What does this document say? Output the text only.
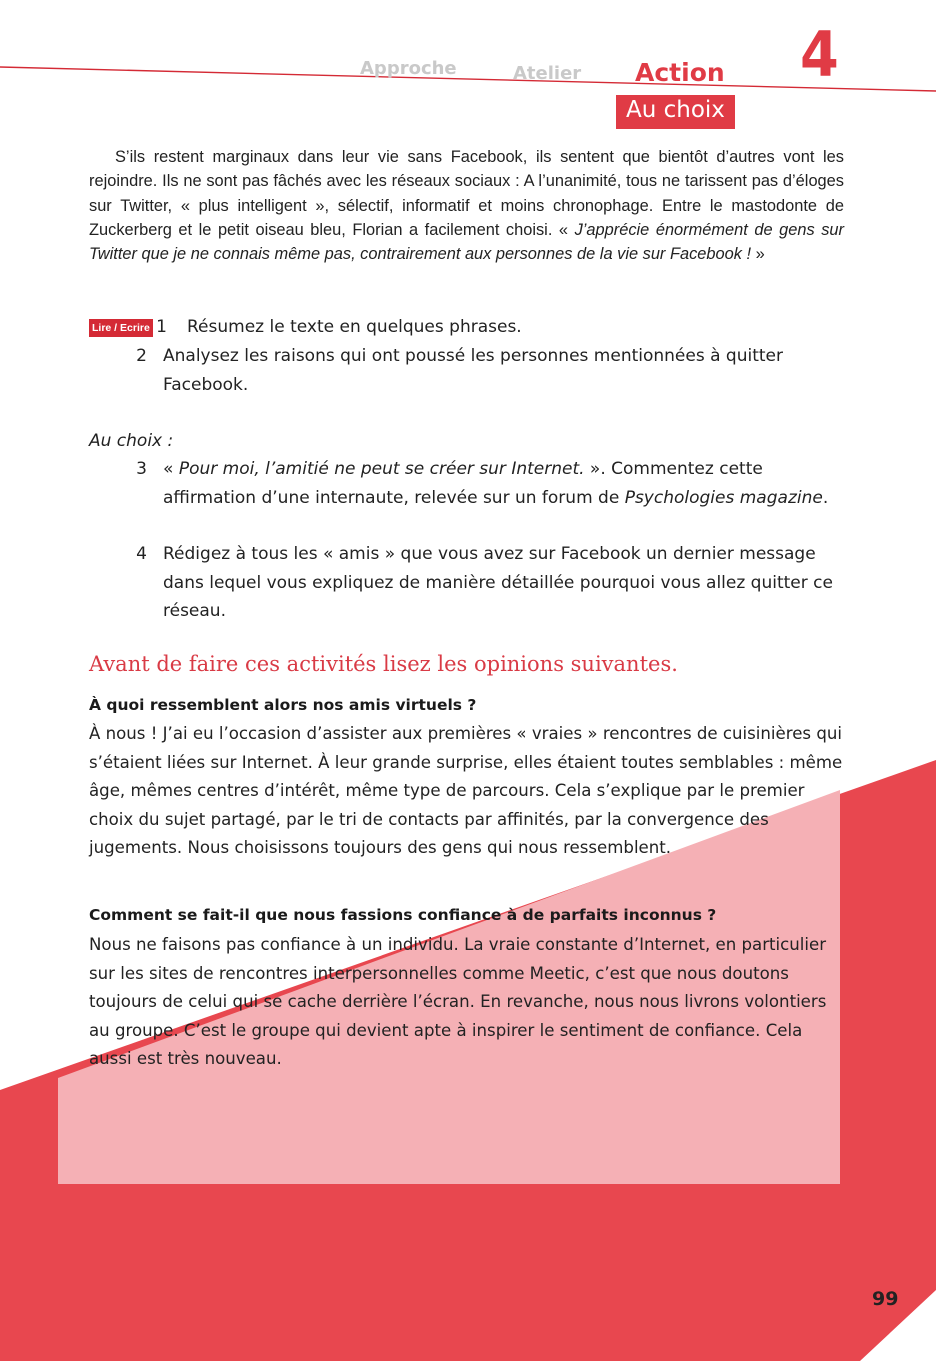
Approche	Atelier Action 4
Au choix
S’ils restent marginaux dans leur vie sans Facebook, ils sentent que bientôt d’autres vont les rejoindre. Ils ne sont pas fâchés avec les réseaux sociaux : A l’unanimité, tous ne tarissent pas d’éloges sur Twitter, « plus intelligent », sélectif, informatif et moins chronophage. Entre le mastodonte de Zuckerberg et le petit oiseau bleu, Florian a facilement choisi. « J’apprécie énormément de gens sur Twitter que je ne connais même pas, contrairement aux personnes de la vie sur Facebook ! »
Lire / Ecrire 1 Résumez le texte en quelques phrases.
2 Analysez les raisons qui ont poussé les personnes mentionnées à quitter Facebook.
Au choix :
3 « Pour moi, l’amitié ne peut se créer sur Internet. ». Commentez cette affirmation d’une internaute, relevée sur un forum de Psychologies magazine.
4 Rédigez à tous les « amis » que vous avez sur Facebook un dernier message dans lequel vous expliquez de manière détaillée pourquoi vous allez quitter ce réseau.
Avant de faire ces activités lisez les opinions suivantes.
À quoi ressemblent alors nos amis virtuels ?
À nous ! J’ai eu l’occasion d’assister aux premières « vraies » rencontres de cuisinières qui s’étaient liées sur Internet. À leur grande surprise, elles étaient toutes semblables : même âge, mêmes centres d’intérêt, même type de parcours. Cela s’explique par le premier choix du sujet partagé, par le tri de contacts par affinités, par la convergence des jugements. Nous choisissons toujours des gens qui nous ressemblent.
Comment se fait-il que nous fassions confiance à de parfaits inconnus ?
Nous ne faisons pas confiance à un individu. La vraie constante d’Internet, en particulier sur les sites de rencontres interpersonnelles comme Meetic, c’est que nous doutons toujours de celui qui se cache derrière l’écran. En revanche, nous nous livrons volontiers au groupe. C’est le groupe qui devient apte à inspirer le sentiment de confiance. Cela aussi est très nouveau.
99
